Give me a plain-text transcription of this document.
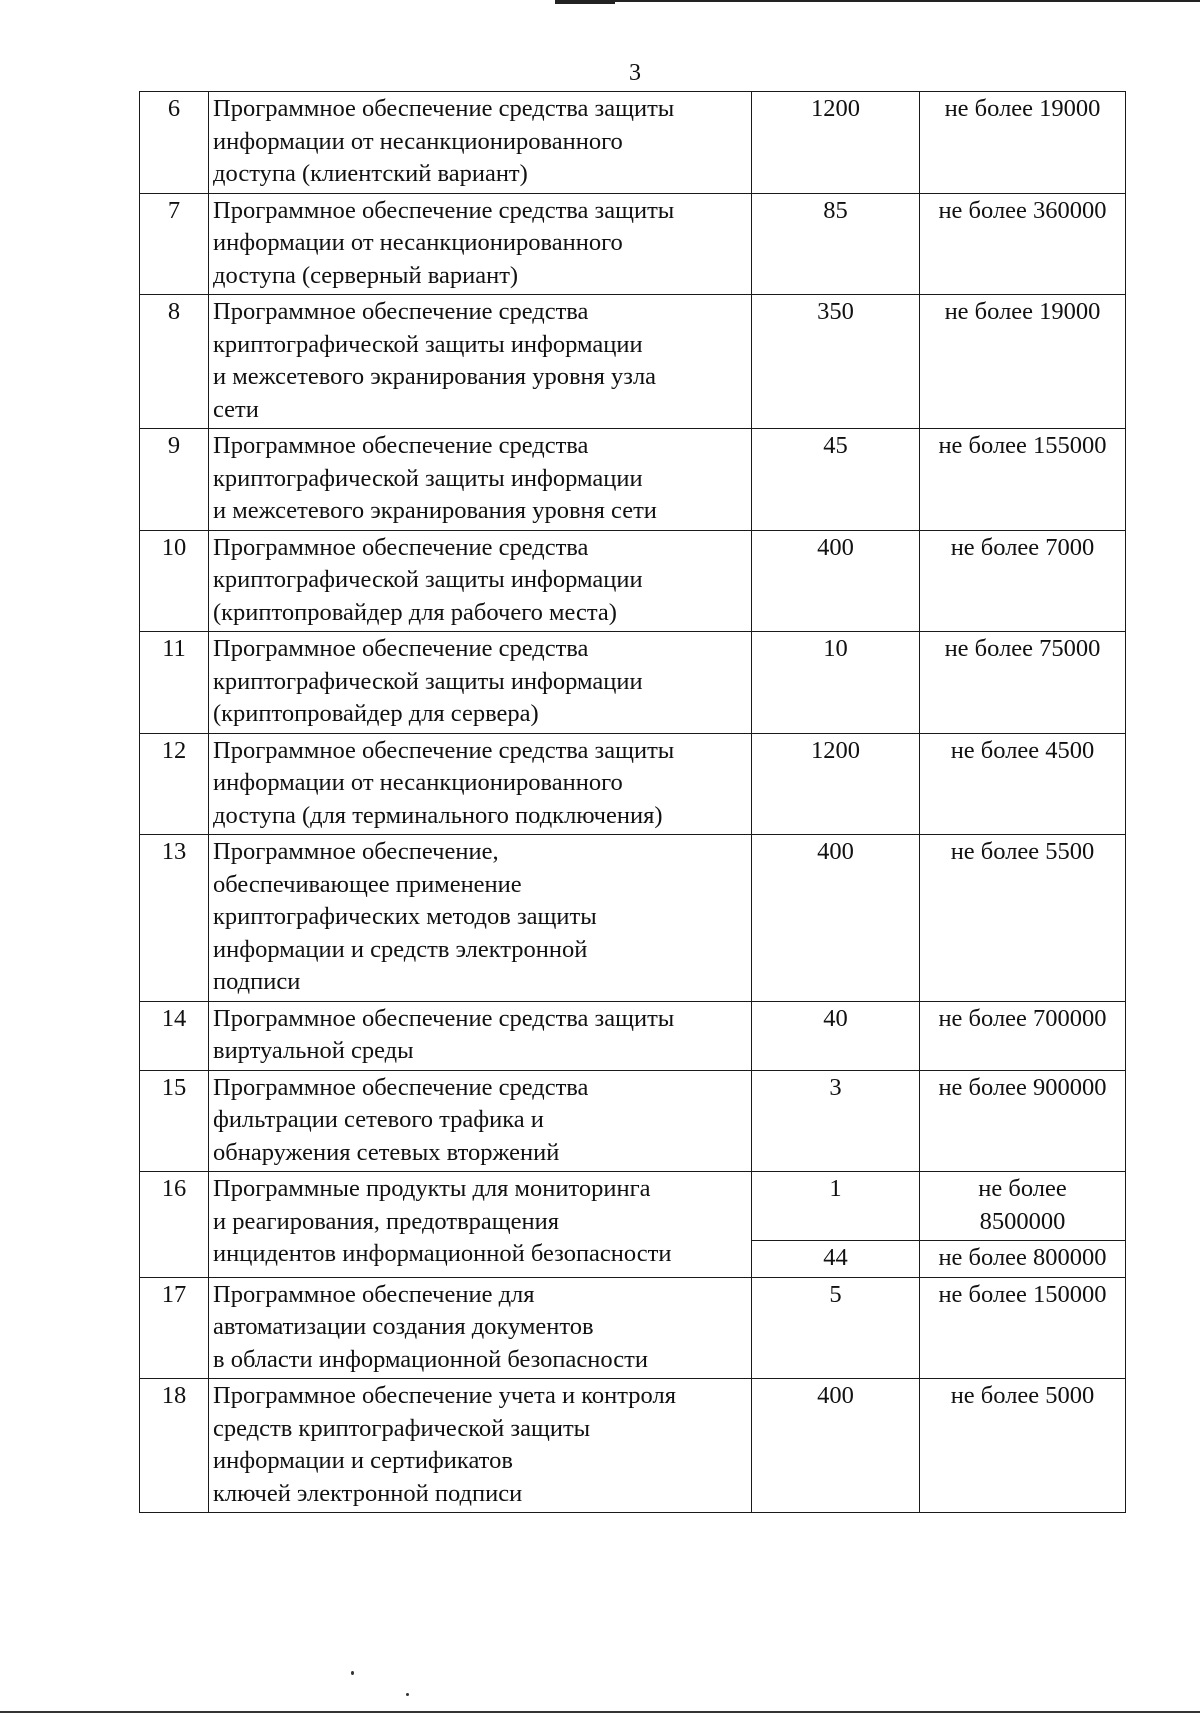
3
6	Программное обеспечение средства защиты
информации от несанкционированного
доступа (клиентский вариант)	1200	не более 19000
7	Программное обеспечение средства защиты
информации от несанкционированного
доступа (серверный вариант)	85	не более 360000
8	Программное обеспечение средства
криптографической защиты информации
и межсетевого экранирования уровня узла
сети	350	не более 19000
9	Программное обеспечение средства
криптографической защиты информации
и межсетевого экранирования уровня сети	45	не более 155000
10	Программное обеспечение средства
криптографической защиты информации
(криптопровайдер для рабочего места)	400	не более 7000
11	Программное обеспечение средства
криптографической защиты информации
(криптопровайдер для сервера)	10	не более 75000
12	Программное обеспечение средства защиты
информации от несанкционированного
доступа (для терминального подключения)	1200	не более 4500
13	Программное обеспечение,
обеспечивающее применение
криптографических методов защиты
информации и средств электронной
подписи	400	не более 5500
14	Программное обеспечение средства защиты
виртуальной среды	40	не более 700000
15	Программное обеспечение средства
фильтрации сетевого трафика и
обнаружения сетевых вторжений	3	не более 900000
16	Программные продукты для мониторинга
и реагирования, предотвращения
инцидентов информационной безопасности	1	не более
8500000

		44	не более 800000
17	Программное обеспечение для
автоматизации создания документов
в области информационной безопасности	5	не более 150000
18	Программное обеспечение учета и контроля
средств криптографической защиты
информации и сертификатов
ключей электронной подписи	400	не более 5000
